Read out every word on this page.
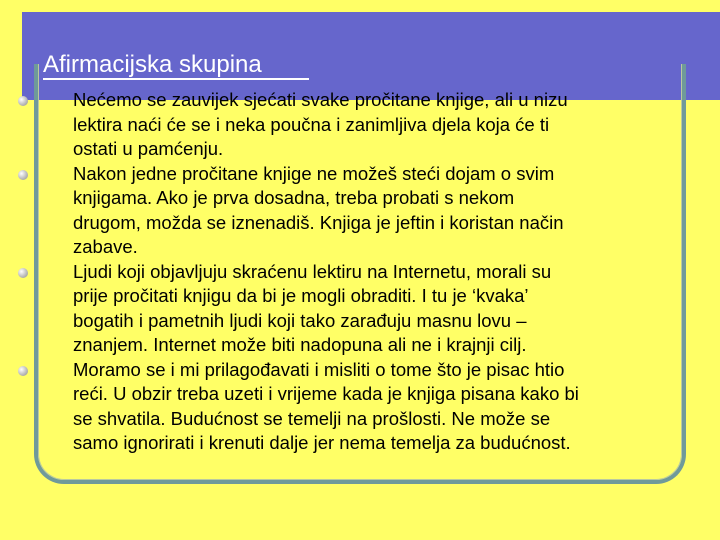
Afirmacijska skupina
Nećemo se zauvijek sjećati svake pročitane knjige, ali u nizu
lektira naći će se i neka poučna i zanimljiva djela koja će ti
ostati u pamćenju.
Nakon jedne pročitane knjige ne možeš steći dojam o svim
knjigama. Ako je prva dosadna, treba probati s nekom
drugom, možda se iznenadiš. Knjiga je jeftin i koristan način
zabave.
Ljudi koji objavljuju skraćenu lektiru na Internetu, morali su
prije pročitati knjigu da bi je mogli obraditi. I tu je ‘kvaka’
bogatih i pametnih ljudi koji tako zarađuju masnu lovu –
znanjem. Internet može biti nadopuna ali ne i krajnji cilj.
Moramo se i mi prilagođavati i misliti o tome što je pisac htio
reći. U obzir treba uzeti i vrijeme kada je knjiga pisana kako bi
se shvatila. Budućnost se temelji na prošlosti. Ne može se
samo ignorirati i krenuti dalje jer nema temelja za budućnost.
